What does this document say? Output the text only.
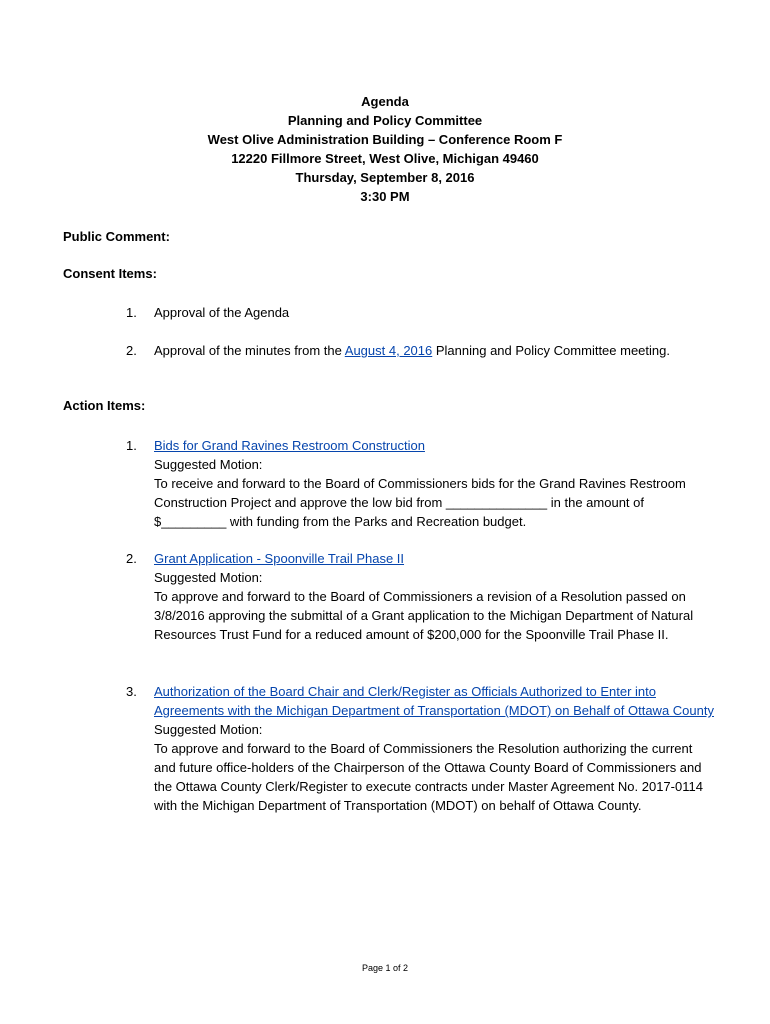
Agenda
Planning and Policy Committee
West Olive Administration Building – Conference Room F
12220 Fillmore Street, West Olive, Michigan 49460
Thursday, September 8, 2016
3:30 PM
Public Comment:
Consent Items:
1. Approval of the Agenda
2. Approval of the minutes from the August 4, 2016 Planning and Policy Committee meeting.
Action Items:
1. Bids for Grand Ravines Restroom Construction
Suggested Motion:
To receive and forward to the Board of Commissioners bids for the Grand Ravines Restroom Construction Project and approve the low bid from ______________ in the amount of $_________ with funding from the Parks and Recreation budget.
2. Grant Application - Spoonville Trail Phase II
Suggested Motion:
To approve and forward to the Board of Commissioners a revision of a Resolution passed on 3/8/2016 approving the submittal of a Grant application to the Michigan Department of Natural Resources Trust Fund for a reduced amount of $200,000 for the Spoonville Trail Phase II.
3. Authorization of the Board Chair and Clerk/Register as Officials Authorized to Enter into Agreements with the Michigan Department of Transportation (MDOT) on Behalf of Ottawa County
Suggested Motion:
To approve and forward to the Board of Commissioners the Resolution authorizing the current and future office-holders of the Chairperson of the Ottawa County Board of Commissioners and the Ottawa County Clerk/Register to execute contracts under Master Agreement No. 2017-0114 with the Michigan Department of Transportation (MDOT) on behalf of Ottawa County.
Page 1 of 2
